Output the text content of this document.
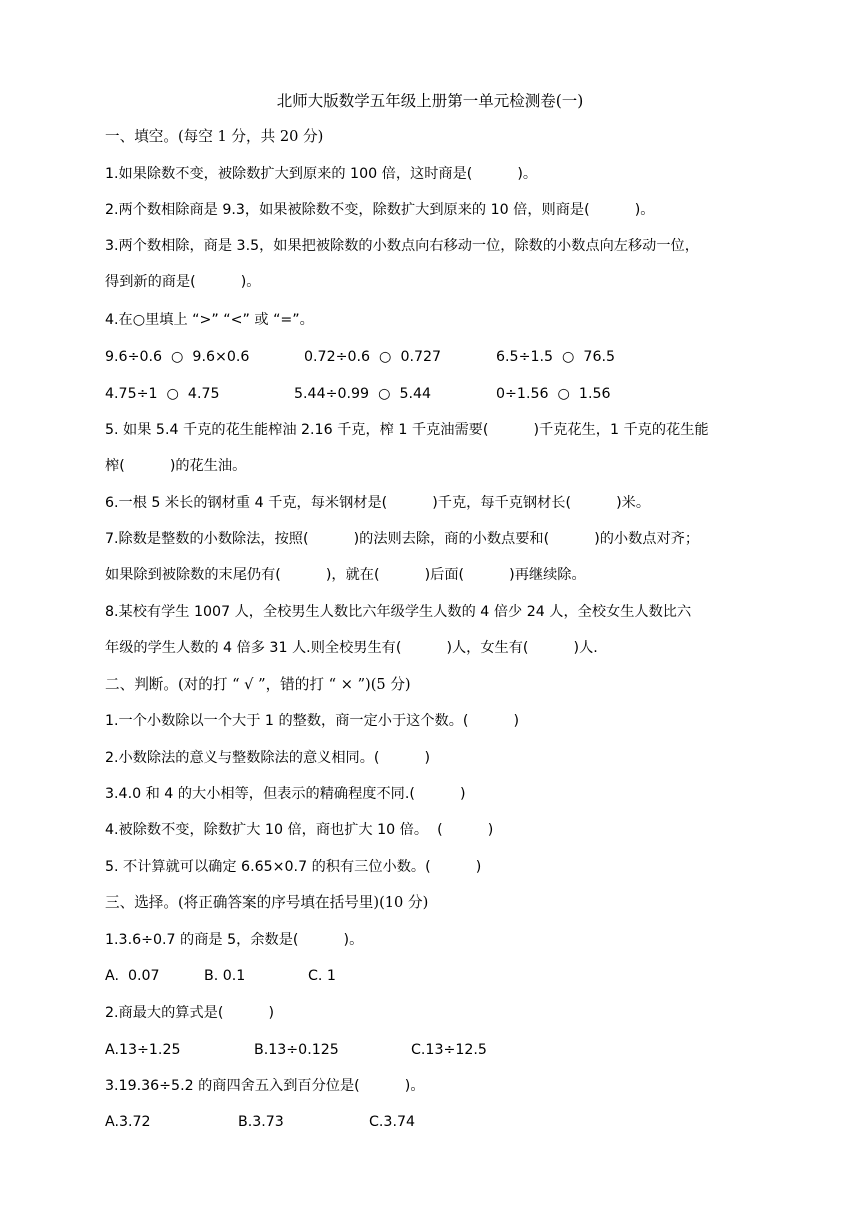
北师大版数学五年级上册第一单元检测卷(一)
一、填空。(每空 1 分，共 20 分)
1.如果除数不变，被除数扩大到原来的 100 倍，这时商是(          )。
2.两个数相除商是 9.3，如果被除数不变，除数扩大到原来的 10 倍，则商是(          )。
3.两个数相除，商是 3.5，如果把被除数的小数点向右移动一位，除数的小数点向左移动一位，
得到新的商是(          )。
4.在○里填上 “>” “<” 或 “=”。
9.6÷0.6  ○  9.6×0.6	0.72÷0.6  ○  0.727	6.5÷1.5  ○  76.5
4.75÷1  ○  4.75	5.44÷0.99  ○  5.44	0÷1.56  ○  1.56
5. 如果 5.4 千克的花生能榨油 2.16 千克，榨 1 千克油需要(          )千克花生，1 千克的花生能
榨(          )的花生油。
6.一根 5 米长的钢材重 4 千克，每米钢材是(          )千克，每千克钢材长(          )米。
7.除数是整数的小数除法，按照(          )的法则去除，商的小数点要和(          )的小数点对齐；
如果除到被除数的末尾仍有(          )，就在(          )后面(          )再继续除。
8.某校有学生 1007 人，全校男生人数比六年级学生人数的 4 倍少 24 人，全校女生人数比六
年级的学生人数的 4 倍多 31 人.则全校男生有(          )人，女生有(          )人.
二、判断。(对的打 “ √ ”，错的打 “ × ”)(5 分)
1.一个小数除以一个大于 1 的整数，商一定小于这个数。(          )
2.小数除法的意义与整数除法的意义相同。(          )
3.4.0 和 4 的大小相等，但表示的精确程度不同.(          )
4.被除数不变，除数扩大 10 倍，商也扩大 10 倍。  (          )
5. 不计算就可以确定 6.65×0.7 的积有三位小数。(          )
三、选择。(将正确答案的序号填在括号里)(10 分)
1.3.6÷0.7 的商是 5，余数是(          )。
A.  0.07	B. 0.1	C. 1
2.商最大的算式是(          )
A.13÷1.25	B.13÷0.125	C.13÷12.5
3.19.36÷5.2 的商四舍五入到百分位是(          )。
A.3.72	B.3.73	C.3.74
